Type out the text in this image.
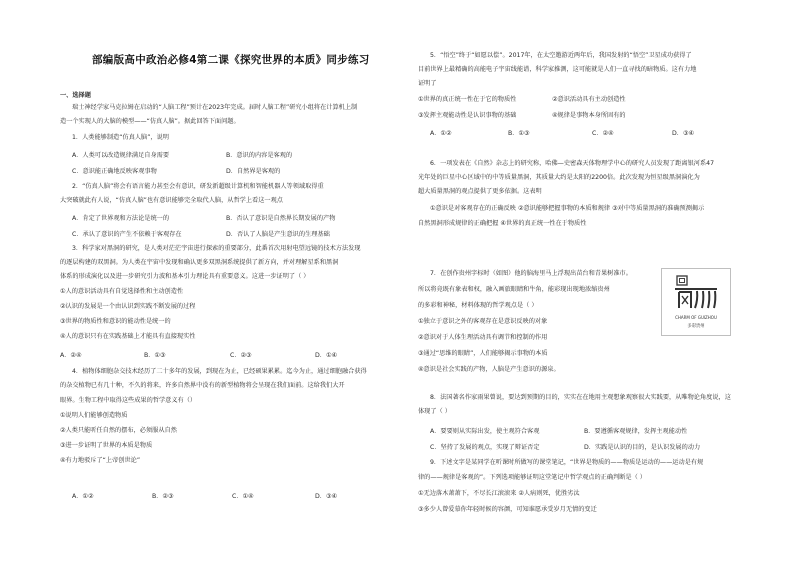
部编版高中政治必修4第二课《探究世界的本质》同步练习
一、选择题
瑞士神经学家马克拉姆在启动的“人脑工程”预计在2023年完成。届时人脑工程”研究小组将在计算机上制
造一个实现人的大脑的模型——“仿真人脑”。据此回答下面问题。
1．人类能够制造“仿真人脑”，说明
A．人类可以改造规律满足自身需要	B．意识的内容是客观的
C．意识能正确地反映客观事物	D．自然界是客观的
2．“仿真人脑”将会有语言能力甚至会有意识，研发新超级计算机和智能机器人等领域取得重
大突破就此有人说，“仿真人脑”也有意识能够完全取代人脑，从哲学上看这一观点
A．肯定了世界观和方法论是统一的	B．否认了意识是自然界长期发展的产物
C．承认了意识的产生不依赖于客观存在	D．否认了人脑是产生意识的生理基础
3．科学家对黑洞的研究，是人类对茫茫宇宙进行探索的重要部分，此番首次用射电望远镜的技术方法发现
的逐层构建的双黑洞。为人类在宇宙中发现和确认更多双黑洞系统提供了新方向，并对理解星系和黑洞
体系的形成演化以及进一步研究引力波和基本引力理论具有重要意义。这进一步证明了（ ）
①人的意识活动具有自觉选择性和主动创造性
②认识的发展是一个由认识到实践不断发展的过程
③世界的物质性和意识的能动性是统一的
④人的意识只有在实践基础上才能具有直接现实性
A．②④	B．①③	C．②③	D．①④
4．植物体细胞杂交技术经历了二十多年的发展，到现在为止，已经硕果累累。迄今为止，通过细胞融合获得
的杂交植物已有几十种，不久的将来，许多自然界中没有的新型植物将会呈现在我们面前。这给我们大开
眼界。生物工程中取得这些成果的哲学意义有（）
①说明人们能够创造物质
②人类只能听任自然的摆布，必须服从自然
③进一步证明了世界的本质是物质
④有力地驳斥了“上帝创世论”
A．①②	B．②③	C．①④	D．③④
5．“悟空”终于“如愿以偿”。2017年，在太空邀游近两年后，我国发射的“悟空”卫星成功获得了
目前世界上最精确的高能电子宇宙线能谱，科学家推测，这可能就是人们一直寻找的暗物质。这有力地
证明了
①世界的真正统一性在于它的物质性	②意识活动具有主动创造性
③发挥主观能动性是认识事物的基础	④规律是事物本身所固有的
A．①②	B．①③	C．②④	D．③④
6．一项发表在《自然》杂志上的研究称，哈佛—史密森天体物理学中心的研究人员发现了距离银河系47
光年处的巨星中心区域中的中等质量黑洞，其质量大约是太阳的2200倍。此次发现为恒星级黑洞演化为
超大质量黑洞的观点提供了更多依据。这表明
①意识是对客观存在的正确反映 ②意识能够把握事物的本质和规律 ③对中等质量黑洞的准确预测揭示
自然黑洞形成规律的正确把握 ④世界的真正统一性在于物质性
7．在创作贵州字标时（如图）他的脑海里马上浮现出苗台和青果树准市。
所以将竟既有象表和权，融入画旅眼睛和牛角，能彩现出现地浓缩贵州
的多彩和神秘，材料体现的哲学观点是（ ）
①独立于意识之外的客观存在是意识反映的对象
②意识对于人体生理活动具有调节和控制的作用
③通过“思维的眼睛”，人们能够揭示事物的本质
④意识是社会实践的产物，人脑是产生意识的源泉。
CHARM OF GUIZHOU
多彩贵州
8．法国著名作家雨果曾说，要达到预期的目的，实实在在地用主观想象观察很大实践要，从唯物论角度说，这
体现了（ ）
A．要要则从实际出发，使主观符合客观	B．要遵循客观规律，发挥主观能动性
C．坚持了发展的观点，实现了辩证否定	D．实践是认识的目的，是认识发展的动力
9．下述文字是某同学在听课时所做写的课堂笔记，“世界是物质的——物质是运动的——运动是有规
律的——规律是客观的”。下列选项能够证明这堂笔记中哲学观点的正确判断是（ ）
①无边落木萧萧下，不尽长江滚滚来 ②人病则死，优胜劣汰
③多少人曾爱慕你年轻时候的容颜，可知谁愿承受岁月无情的变迁
